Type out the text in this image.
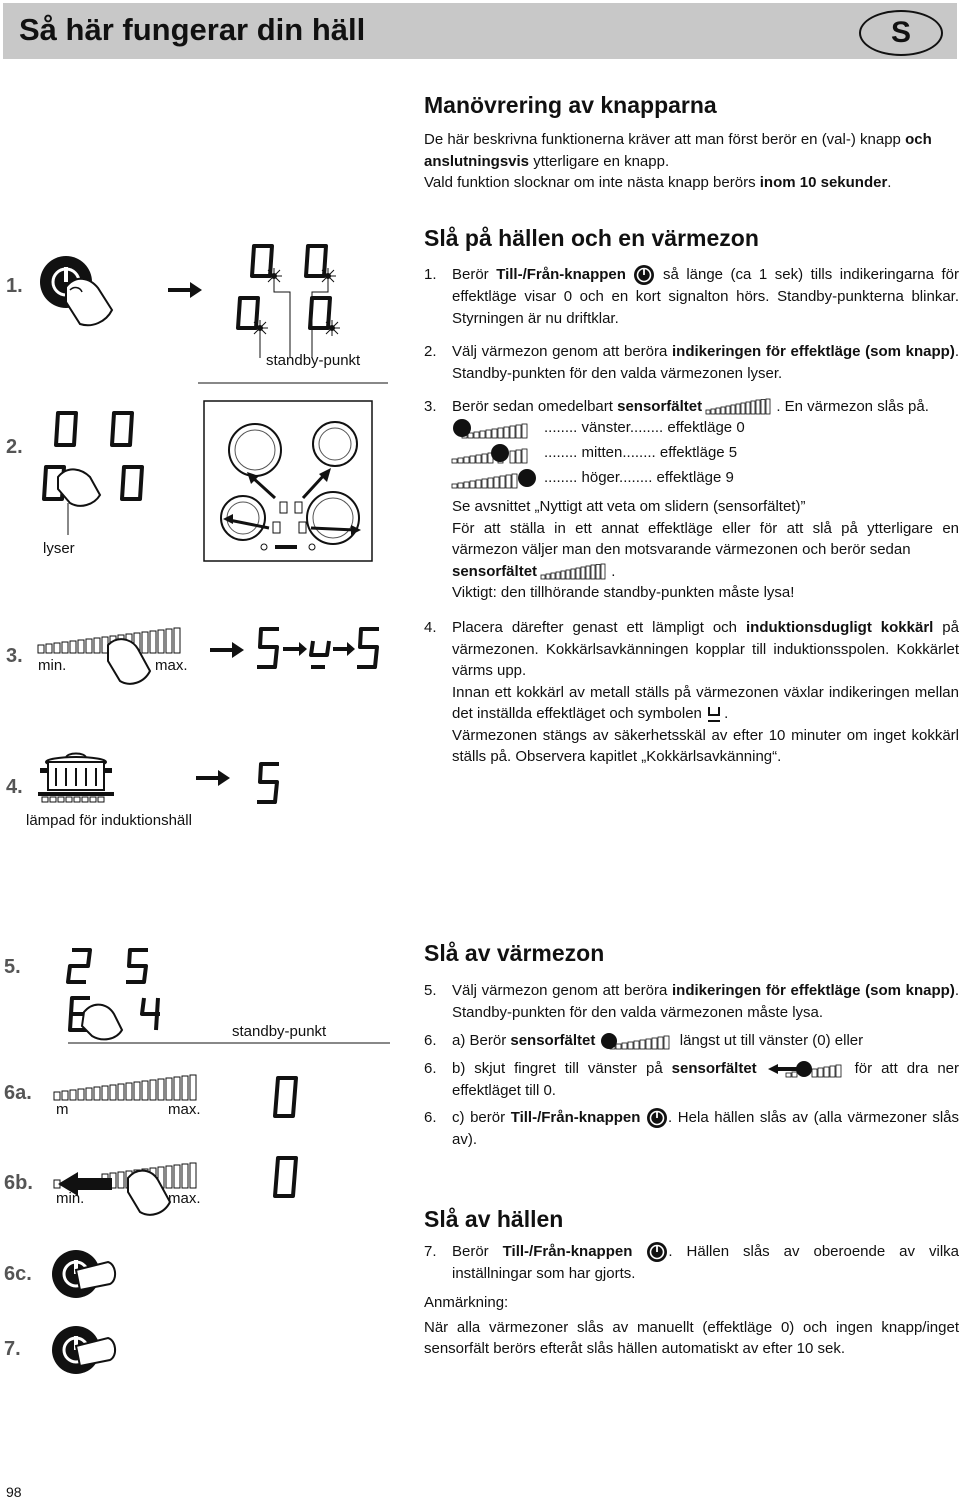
Så här fungerar din häll	S
Manövrering av knapparna
De här beskrivna funktionerna kräver att man först berör en (val-) knapp och
anslutningsvis ytterligare en knapp.
Vald funktion slocknar om inte nästa knapp berörs inom 10 sekunder.
Slå på hällen och en värmezon
1. Berör Till-/Från-knappen  så länge (ca 1 sek) tills indikeringarna för effektläge visar 0 och en kort signalton hörs. Standby-punkterna blinkar. Styrningen är nu driftklar.
2. Välj värmezon genom att beröra indikeringen för effektläge (som knapp). Standby-punkten för den valda värmezonen lyser.
3. Berör sedan omedelbart sensorfältet	. En värmezon slås på.
........ vänster........ effektläge 0
........ mitten........ effektläge 5
........ höger........ effektläge 9
Se avsnittet „Nyttigt att veta om slidern (sensorfältet)”
För att ställa in ett annat effektläge eller för att slå på ytterligare en värmezon väljer man den motsvarande värmezonen och berör sedan
sensorfältet	.
Viktigt: den tillhörande standby-punkten måste lysa!
4. Placera därefter genast ett lämpligt och induktionsdugligt kokkärl på värmezonen. Kokkärlsavkänningen kopplar till induktionsspolen. Kokkärlet värms upp.
Innan ett kokkärl av metall ställs på värmezonen växlar indikeringen mellan det inställda effektläget och symbolen .
Värmezonen stängs av säkerhetsskäl av efter 10 minuter om inget kokkärl ställs på. Observera kapitlet „Kokkärlsavkänning“.
Slå av värmezon
5. Välj värmezon genom att beröra indikeringen för effektläge (som knapp). Standby-punkten för den valda värmezonen måste lysa.
6. a) Berör sensorfältet	längst ut till vänster (0) eller
6. b) skjut fingret till vänster på sensorfältet	för att dra ner effektläget till 0.
6. c) berör Till-/Från-knappen . Hela hällen slås av (alla värmezoner slås av).
Slå av hällen
7. Berör Till-/Från-knappen . Hällen slås av oberoende av vilka inställningar som har gjorts.
Anmärkning:
När alla värmezoner slås av manuellt (effektläge 0) och ingen knapp/inget sensorfält berörs efteråt slås hällen automatiskt av efter 10 sek.
1.
2.
3.
4.
5.
6a.
6b.
6c.
7.
standby-punkt
lyser
min.	max.
lämpad för induktionshäll
standby-punkt
m	max.
min.	max.
98
